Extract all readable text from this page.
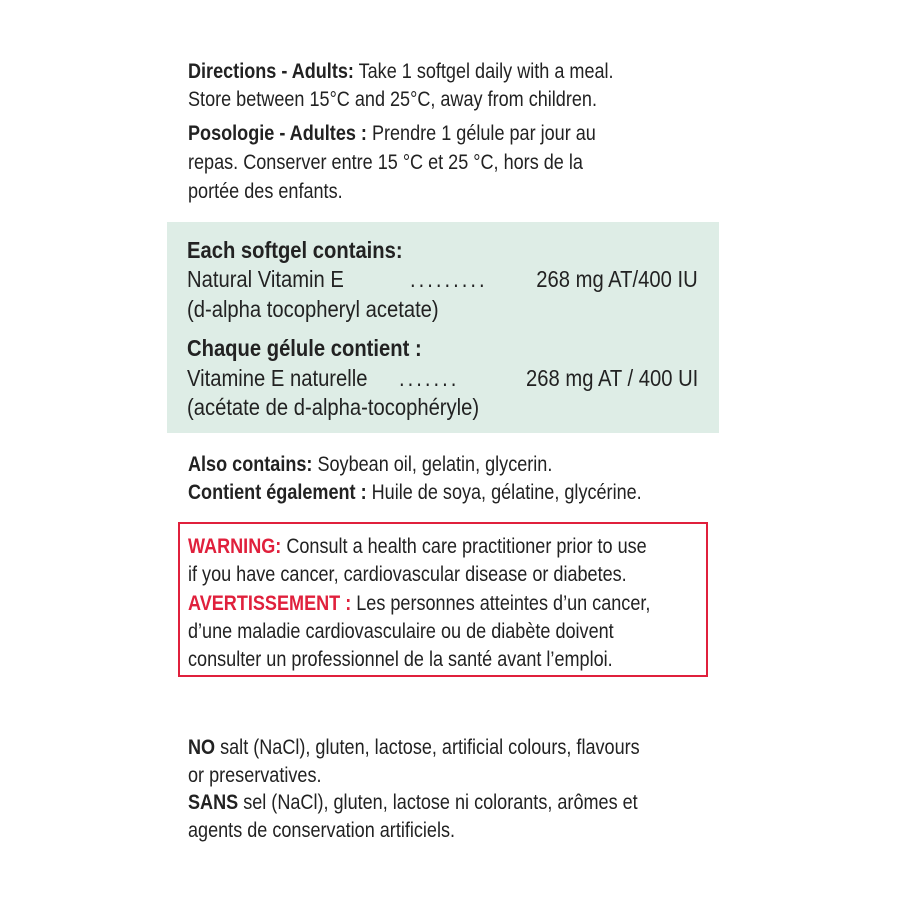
Directions - Adults: Take 1 softgel daily with a meal.
Store between 15°C and 25°C, away from children.
Posologie - Adultes : Prendre 1 gélule par jour au
repas. Conserver entre 15 °C et 25 °C, hors de la
portée des enfants.
Each softgel contains:
Natural Vitamin E	......... 268 mg AT/400 IU
(d-alpha tocopheryl acetate)
Chaque gélule contient :
Vitamine E naturelle .......	268 mg AT / 400 UI
(acétate de d-alpha-tocophéryle)
Also contains: Soybean oil, gelatin, glycerin.
Contient également : Huile de soya, gélatine, glycérine.
WARNING: Consult a health care practitioner prior to use
if you have cancer, cardiovascular disease or diabetes.
AVERTISSEMENT : Les personnes atteintes d’un cancer,
d’une maladie cardiovasculaire ou de diabète doivent
consulter un professionnel de la santé avant l’emploi.
NO salt (NaCl), gluten, lactose, artificial colours, flavours
or preservatives.
SANS sel (NaCl), gluten, lactose ni colorants, arômes et
agents de conservation artificiels.
